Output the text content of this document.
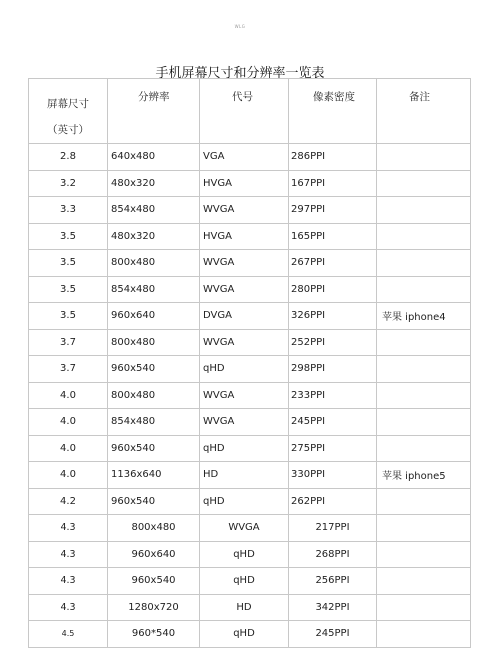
WLG
手机屏幕尺寸和分辨率一览表
屏幕尺寸
（英寸）	分辨率	代号	像素密度	备注
2.8	640x480	VGA	286PPI	
3.2	480x320	HVGA	167PPI	
3.3	854x480	WVGA	297PPI	
3.5	480x320	HVGA	165PPI	
3.5	800x480	WVGA	267PPI	
3.5	854x480	WVGA	280PPI	
3.5	960x640	DVGA	326PPI	苹果 iphone4
3.7	800x480	WVGA	252PPI	
3.7	960x540	qHD	298PPI	
4.0	800x480	WVGA	233PPI	
4.0	854x480	WVGA	245PPI	
4.0	960x540	qHD	275PPI	
4.0	1136x640	HD	330PPI	苹果 iphone5
4.2	960x540	qHD	262PPI	
4.3	800x480	WVGA	217PPI	
4.3	960x640	qHD	268PPI	
4.3	960x540	qHD	256PPI	
4.3	1280x720	HD	342PPI	
4.5	960*540	qHD	245PPI	
